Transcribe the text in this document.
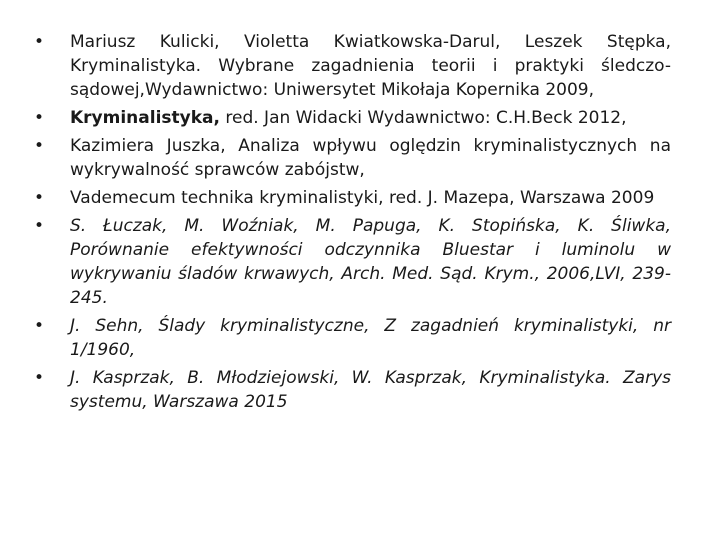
• Mariusz Kulicki, Violetta Kwiatkowska-Darul, Leszek Stępka, Kryminalistyka. Wybrane zagadnienia teorii i praktyki śledczo-sądowej,Wydawnictwo: Uniwersytet Mikołaja Kopernika 2009,
• Kryminalistyka, red. Jan Widacki Wydawnictwo: C.H.Beck 2012,
• Kazimiera Juszka, Analiza wpływu oględzin kryminalistycznych na wykrywalność sprawców zabójstw,
• Vademecum technika kryminalistyki, red. J. Mazepa, Warszawa 2009
• S. Łuczak, M. Woźniak, M. Papuga, K. Stopińska, K. Śliwka, Porównanie efektywności odczynnika Bluestar i luminolu w wykrywaniu śladów krwawych, Arch. Med. Sąd. Krym., 2006,LVI, 239-245.
• J. Sehn, Ślady kryminalistyczne, Z zagadnień kryminalistyki, nr 1/1960,
• J. Kasprzak, B. Młodziejowski, W. Kasprzak, Kryminalistyka. Zarys systemu, Warszawa 2015
